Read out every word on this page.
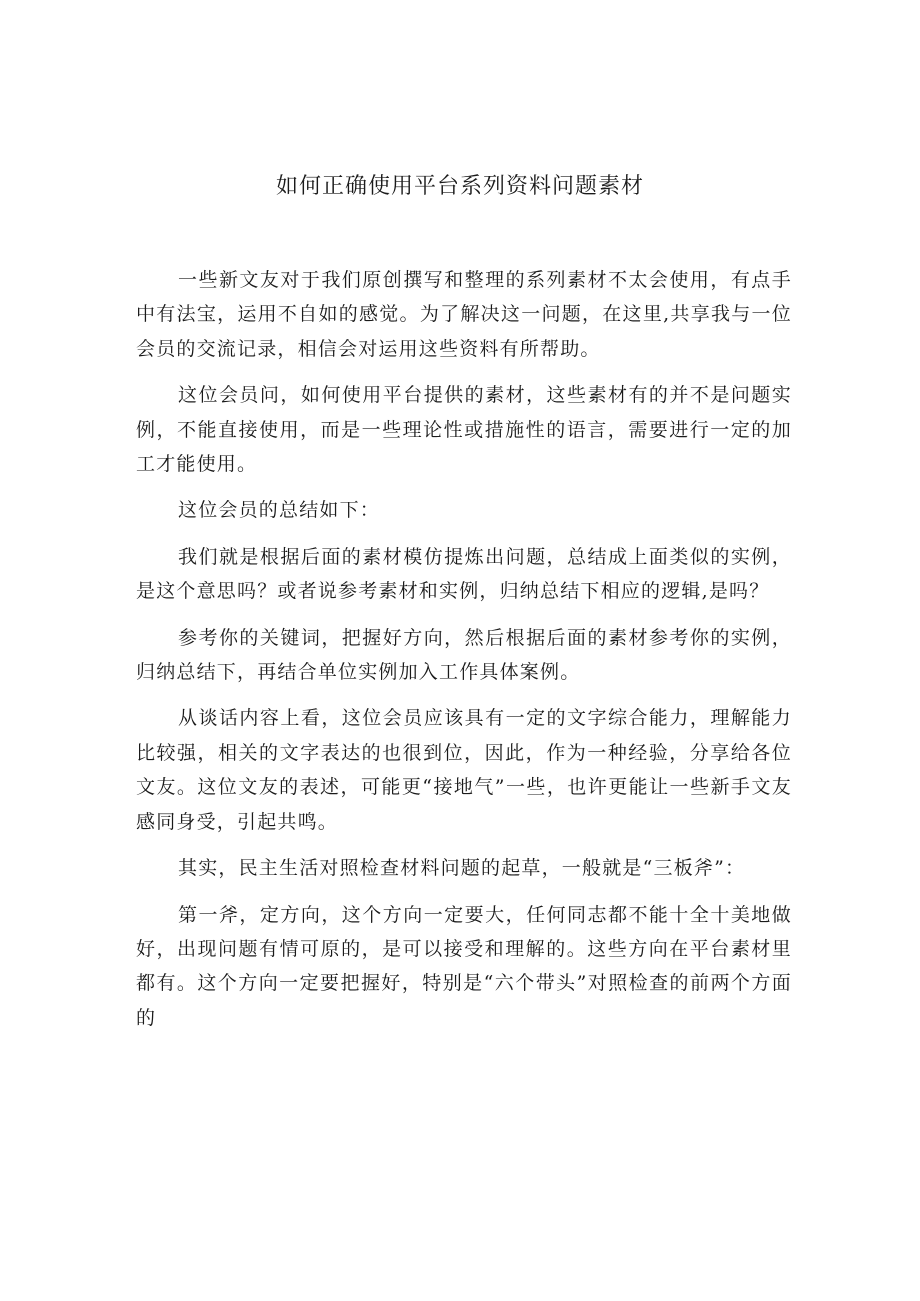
如何正确使用平台系列资料问题素材

一些新文友对于我们原创撰写和整理的系列素材不太会使用，有点手中有法宝，运用不自如的感觉。为了解决这一问题，在这里,共享我与一位会员的交流记录，相信会对运用这些资料有所帮助。

这位会员问，如何使用平台提供的素材，这些素材有的并不是问题实例，不能直接使用，而是一些理论性或措施性的语言，需要进行一定的加工才能使用。

这位会员的总结如下：

我们就是根据后面的素材模仿提炼出问题，总结成上面类似的实例，是这个意思吗？或者说参考素材和实例，归纳总结下相应的逻辑,是吗？

参考你的关键词，把握好方向，然后根据后面的素材参考你的实例，归纳总结下，再结合单位实例加入工作具体案例。

从谈话内容上看，这位会员应该具有一定的文字综合能力，理解能力比较强，相关的文字表达的也很到位，因此，作为一种经验，分享给各位文友。这位文友的表述，可能更“接地气”一些，也许更能让一些新手文友感同身受，引起共鸣。

其实，民主生活对照检查材料问题的起草，一般就是“三板斧”：

第一斧，定方向，这个方向一定要大，任何同志都不能十全十美地做好，出现问题有情可原的，是可以接受和理解的。这些方向在平台素材里都有。这个方向一定要把握好，特别是“六个带头”对照检查的前两个方面的
